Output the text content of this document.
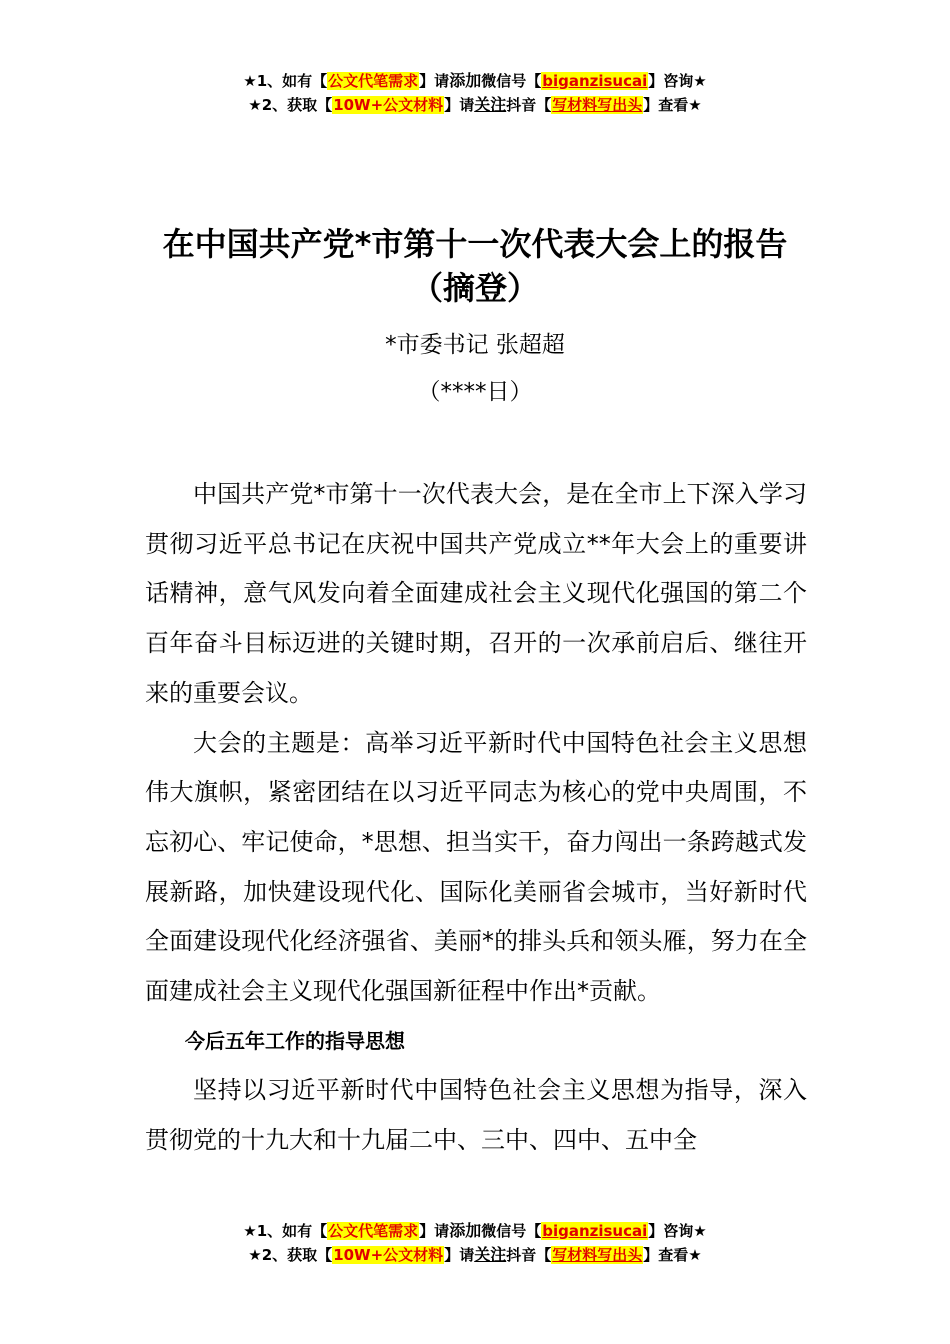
★1、如有【公文代笔需求】请添加微信号【biganzisucai】咨询★
★2、获取【10W+公文材料】请关注抖音【写材料写出头】查看★
在中国共产党*市第十一次代表大会上的报告（摘登）
*市委书记 张超超
（****日）

中国共产党*市第十一次代表大会，是在全市上下深入学习贯彻习近平总书记在庆祝中国共产党成立**年大会上的重要讲话精神，意气风发向着全面建成社会主义现代化强国的第二个百年奋斗目标迈进的关键时期，召开的一次承前启后、继往开来的重要会议。

大会的主题是：高举习近平新时代中国特色社会主义思想伟大旗帜，紧密团结在以习近平同志为核心的党中央周围，不忘初心、牢记使命，*思想、担当实干，奋力闯出一条跨越式发展新路，加快建设现代化、国际化美丽省会城市，当好新时代全面建设现代化经济强省、美丽*的排头兵和领头雁，努力在全面建成社会主义现代化强国新征程中作出*贡献。

今后五年工作的指导思想

坚持以习近平新时代中国特色社会主义思想为指导，深入贯彻党的十九大和十九届二中、三中、四中、五中全

★1、如有【公文代笔需求】请添加微信号【biganzisucai】咨询★
★2、获取【10W+公文材料】请关注抖音【写材料写出头】查看★
